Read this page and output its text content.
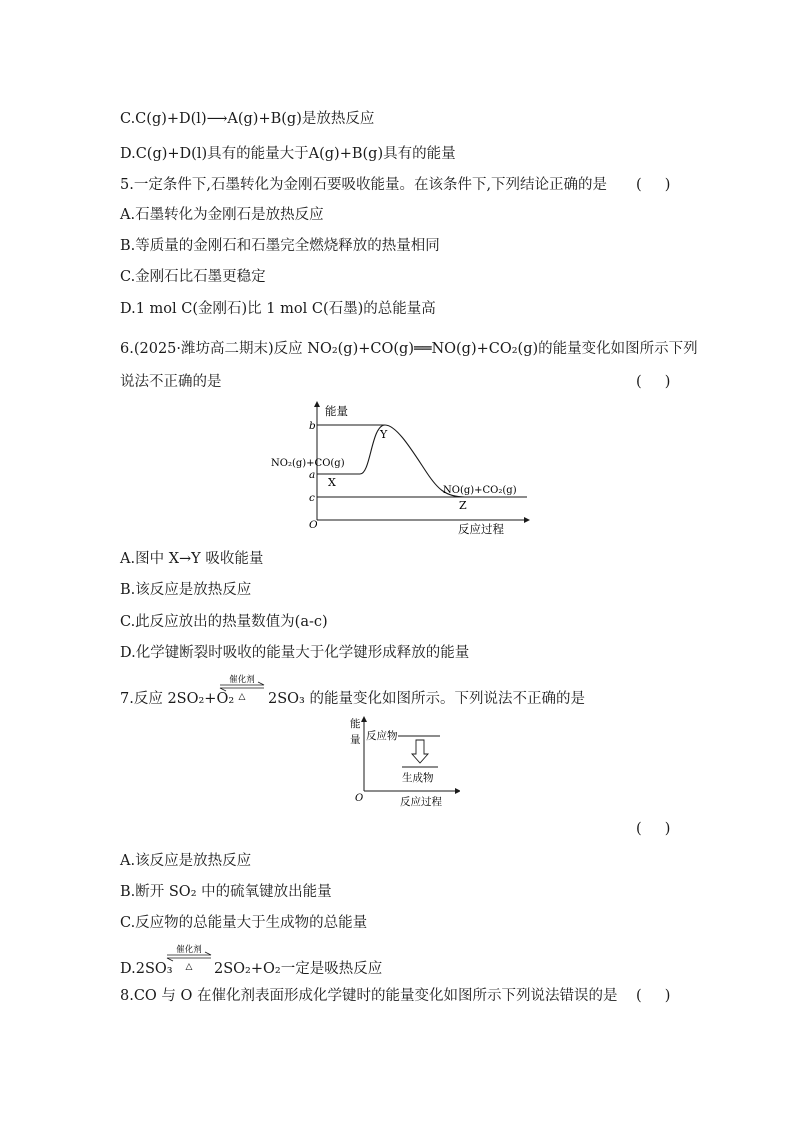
C.C(g)+D(l)⟶A(g)+B(g)是放热反应
D.C(g)+D(l)具有的能量大于A(g)+B(g)具有的能量
5.一定条件下,石墨转化为金刚石要吸收能量。在该条件下,下列结论正确的是 (     )
A.石墨转化为金刚石是放热反应
B.等质量的金刚石和石墨完全燃烧释放的热量相同
C.金刚石比石墨更稳定
D.1 mol C(金刚石)比 1 mol C(石墨)的总能量高
6.(2025·潍坊高二期末)反应 NO₂(g)+CO(g)══NO(g)+CO₂(g)的能量变化如图所示下列
说法不正确的是	(     )
能量
b
a
c
O
NO₂(g)+CO(g)
X
Y
NO(g)+CO₂(g)
Z
反应过程
A.图中 X→Y 吸收能量
B.该反应是放热反应
C.此反应放出的热量数值为(a-c)
D.化学键断裂时吸收的能量大于化学键形成释放的能量
7.反应 2SO₂+O₂
催化剂
△ 2SO₃ 的能量变化如图所示。下列说法不正确的是
能
量 反应物
生成物
O	反应过程
(     )
A.该反应是放热反应
B.断开 SO₂ 中的硫氧键放出能量
C.反应物的总能量大于生成物的总能量
D.2SO₃
催化剂
△ 2SO₂+O₂一定是吸热反应
8.CO 与 O 在催化剂表面形成化学键时的能量变化如图所示下列说法错误的是 (     )
